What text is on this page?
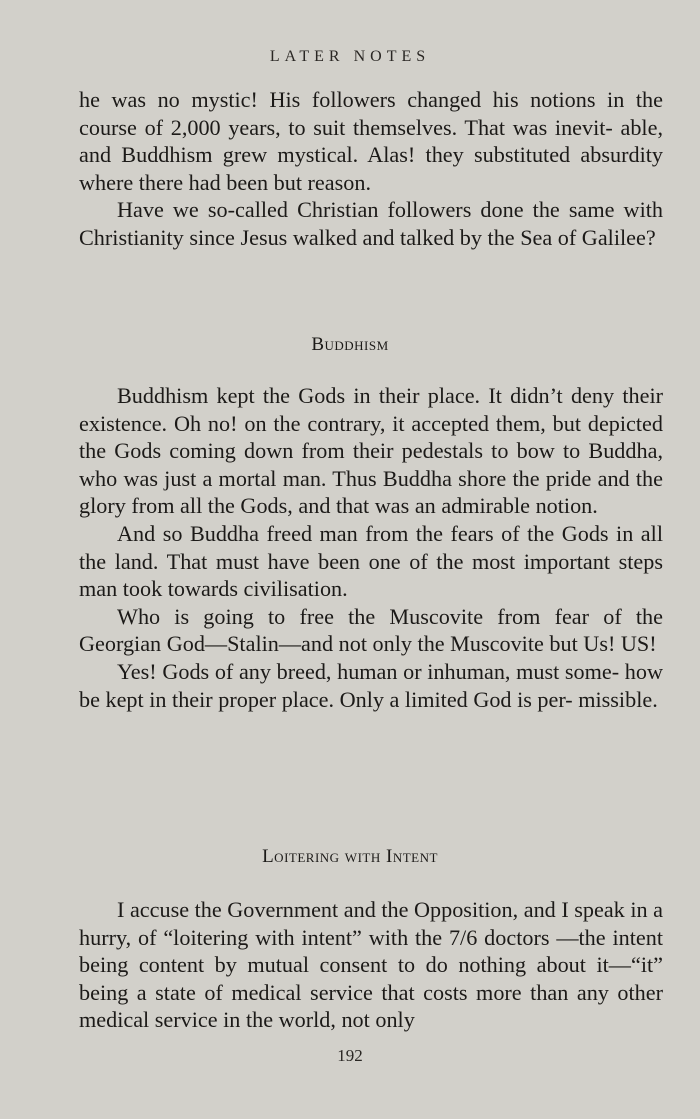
LATER NOTES

he was no mystic! His followers changed his notions in the course of 2,000 years, to suit themselves. That was inevit- able, and Buddhism grew mystical. Alas! they substituted absurdity where there had been but reason.

Have we so-called Christian followers done the same with Christianity since Jesus walked and talked by the Sea of Galilee?

Buddhism

Buddhism kept the Gods in their place. It didn’t deny their existence. Oh no! on the contrary, it accepted them, but depicted the Gods coming down from their pedestals to bow to Buddha, who was just a mortal man. Thus Buddha shore the pride and the glory from all the Gods, and that was an admirable notion.

And so Buddha freed man from the fears of the Gods in all the land. That must have been one of the most important steps man took towards civilisation.

Who is going to free the Muscovite from fear of the Georgian God—Stalin—and not only the Muscovite but Us! US!

Yes! Gods of any breed, human or inhuman, must some- how be kept in their proper place. Only a limited God is per- missible.

Loitering with Intent

I accuse the Government and the Opposition, and I speak in a hurry, of “loitering with intent” with the 7/6 doctors —the intent being content by mutual consent to do nothing about it—“it” being a state of medical service that costs more than any other medical service in the world, not only

192
